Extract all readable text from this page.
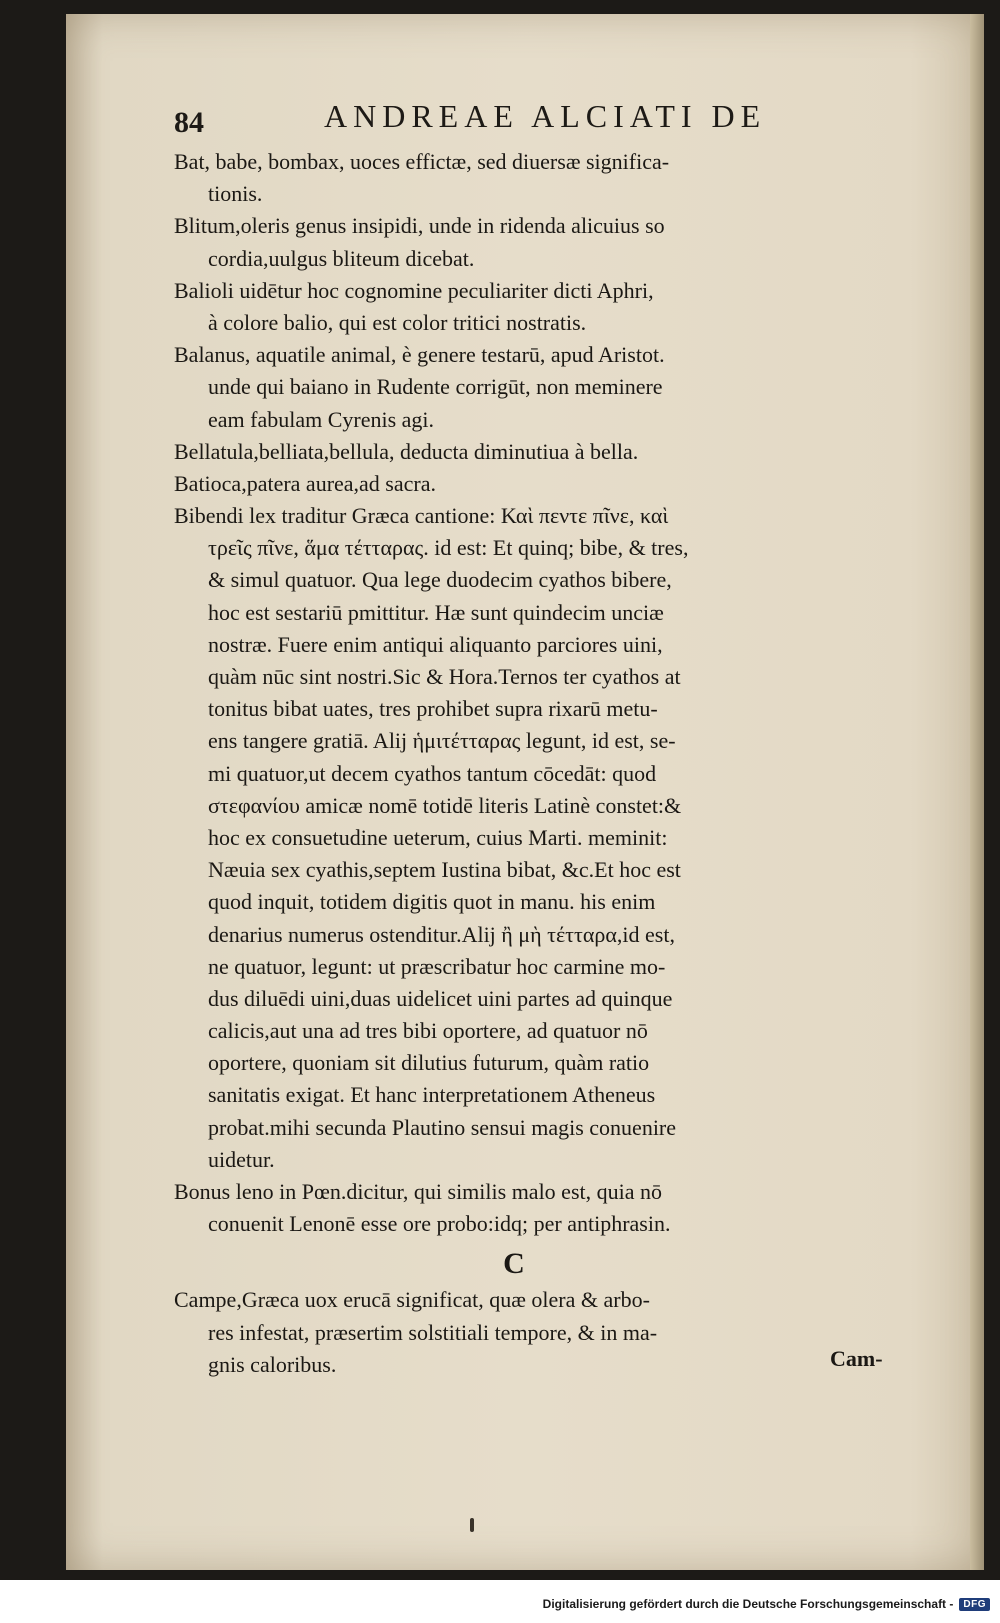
84	ANDREAE ALCIATI DE
Bat, babe, bombax, uoces effictæ, sed diuersæ significa-
tionis.
Blitum,oleris genus insipidi, unde in ridenda alicuius so
cordia,uulgus bliteum dicebat.
Balioli uidētur hoc cognomine peculiariter dicti Aphri,
à colore balio, qui est color tritici nostratis.
Balanus, aquatile animal, è genere testarū, apud Aristot.
unde qui baiano in Rudente corrigūt, non meminere
eam fabulam Cyrenis agi.
Bellatula,belliata,bellula, deducta diminutiua à bella.
Batioca,patera aurea,ad sacra.
Bibendi lex traditur Græca cantione: Καὶ πεντε πῖνε, καὶ
τρεῖς πῖνε, ἅμα τέτταρας. id est: Et quinq; bibe, & tres,
& simul quatuor. Qua lege duodecim cyathos bibere,
hoc est sestariū pmittitur. Hæ sunt quindecim unciæ
nostræ. Fuere enim antiqui aliquanto parciores uini,
quàm nūc sint nostri.Sic & Hora.Ternos ter cyathos at
tonitus bibat uates, tres prohibet supra rixarū metu-
ens tangere gratiā. Alij ἡμιτέτταρας legunt, id est, se-
mi quatuor,ut decem cyathos tantum cōcedāt: quod
στεφανίου amicæ nomē totidē literis Latinè constet:&
hoc ex consuetudine ueterum, cuius Marti. meminit:
Næuia sex cyathis,septem Iustina bibat, &c.Et hoc est
quod inquit, totidem digitis quot in manu. his enim
denarius numerus ostenditur.Alij ἢ μὴ τέτταρα,id est,
ne quatuor, legunt: ut præscribatur hoc carmine mo-
dus diluēdi uini,duas uidelicet uini partes ad quinque
calicis,aut una ad tres bibi oportere, ad quatuor nō
oportere, quoniam sit dilutius futurum, quàm ratio
sanitatis exigat. Et hanc interpretationem Atheneus
probat.mihi secunda Plautino sensui magis conuenire
uidetur.
Bonus leno in Pœn.dicitur, qui similis malo est, quia nō
conuenit Lenonē esse ore probo:idq; per antiphrasin.
C
Campe,Græca uox erucā significat, quæ olera & arbo-
res infestat, præsertim solstitiali tempore, & in ma-
gnis caloribus.	Cam-
Digitalisierung gefördert durch die Deutsche Forschungsgemeinschaft -	DFG
